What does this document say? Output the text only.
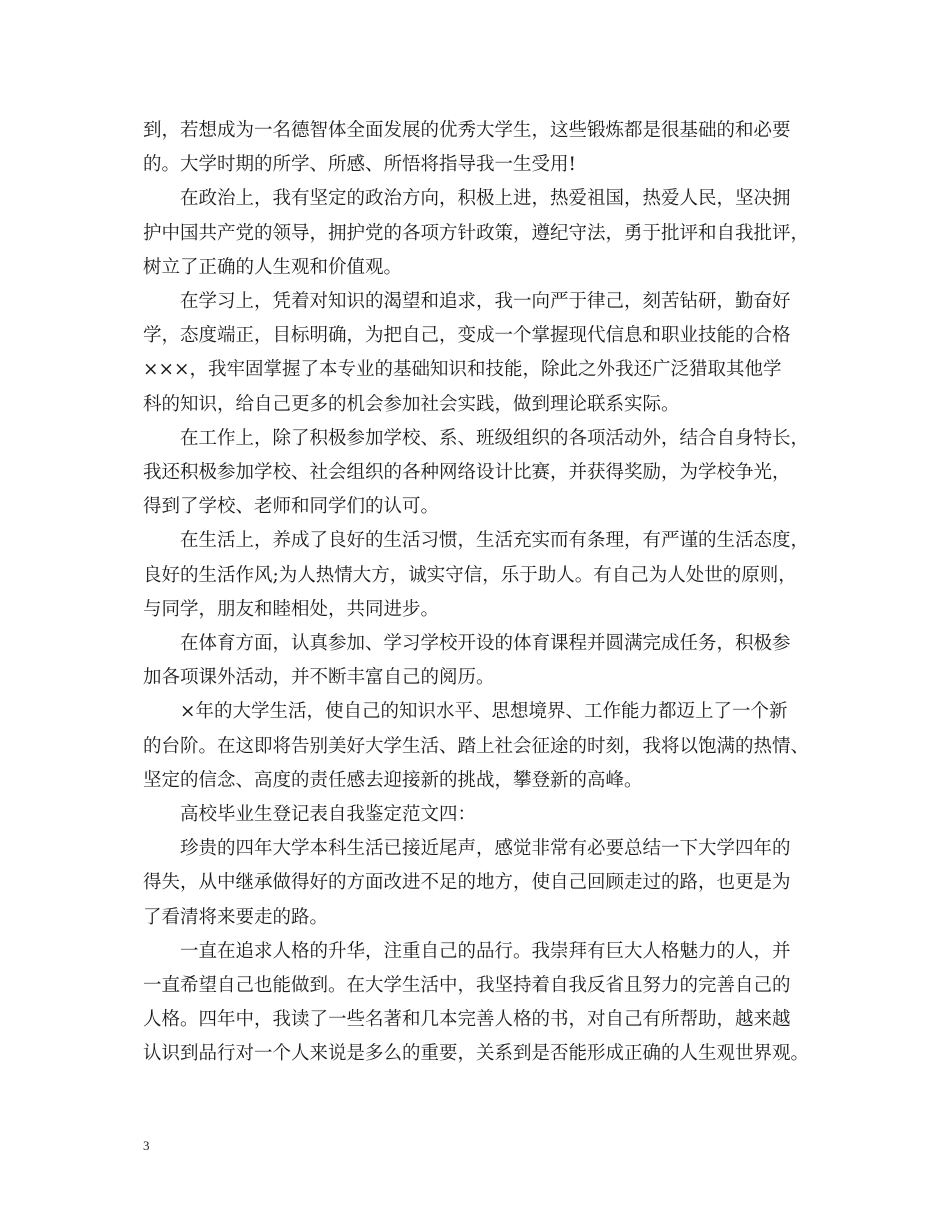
到，若想成为一名德智体全面发展的优秀大学生，这些锻炼都是很基础的和必要
的。大学时期的所学、所感、所悟将指导我一生受用!
　　在政治上，我有坚定的政治方向，积极上进，热爱祖国，热爱人民，坚决拥
护中国共产党的领导，拥护党的各项方针政策，遵纪守法，勇于批评和自我批评，
树立了正确的人生观和价值观。
　　在学习上，凭着对知识的渴望和追求，我一向严于律己，刻苦钻研，勤奋好
学，态度端正，目标明确，为把自己，变成一个掌握现代信息和职业技能的合格
×××，我牢固掌握了本专业的基础知识和技能，除此之外我还广泛猎取其他学
科的知识，给自己更多的机会参加社会实践，做到理论联系实际。
　　在工作上，除了积极参加学校、系、班级组织的各项活动外，结合自身特长，
我还积极参加学校、社会组织的各种网络设计比赛，并获得奖励，为学校争光，
得到了学校、老师和同学们的认可。
　　在生活上，养成了良好的生活习惯，生活充实而有条理，有严谨的生活态度，
良好的生活作风;为人热情大方，诚实守信，乐于助人。有自己为人处世的原则，
与同学，朋友和睦相处，共同进步。
　　在体育方面，认真参加、学习学校开设的体育课程并圆满完成任务，积极参
加各项课外活动，并不断丰富自己的阅历。
　　×年的大学生活，使自己的知识水平、思想境界、工作能力都迈上了一个新
的台阶。在这即将告别美好大学生活、踏上社会征途的时刻，我将以饱满的热情、
坚定的信念、高度的责任感去迎接新的挑战，攀登新的高峰。
　　高校毕业生登记表自我鉴定范文四：
　　珍贵的四年大学本科生活已接近尾声，感觉非常有必要总结一下大学四年的
得失，从中继承做得好的方面改进不足的地方，使自己回顾走过的路，也更是为
了看清将来要走的路。
　　一直在追求人格的升华，注重自己的品行。我崇拜有巨大人格魅力的人，并
一直希望自己也能做到。在大学生活中，我坚持着自我反省且努力的完善自己的
人格。四年中，我读了一些名著和几本完善人格的书，对自己有所帮助，越来越
认识到品行对一个人来说是多么的重要，关系到是否能形成正确的人生观世界观。
3
